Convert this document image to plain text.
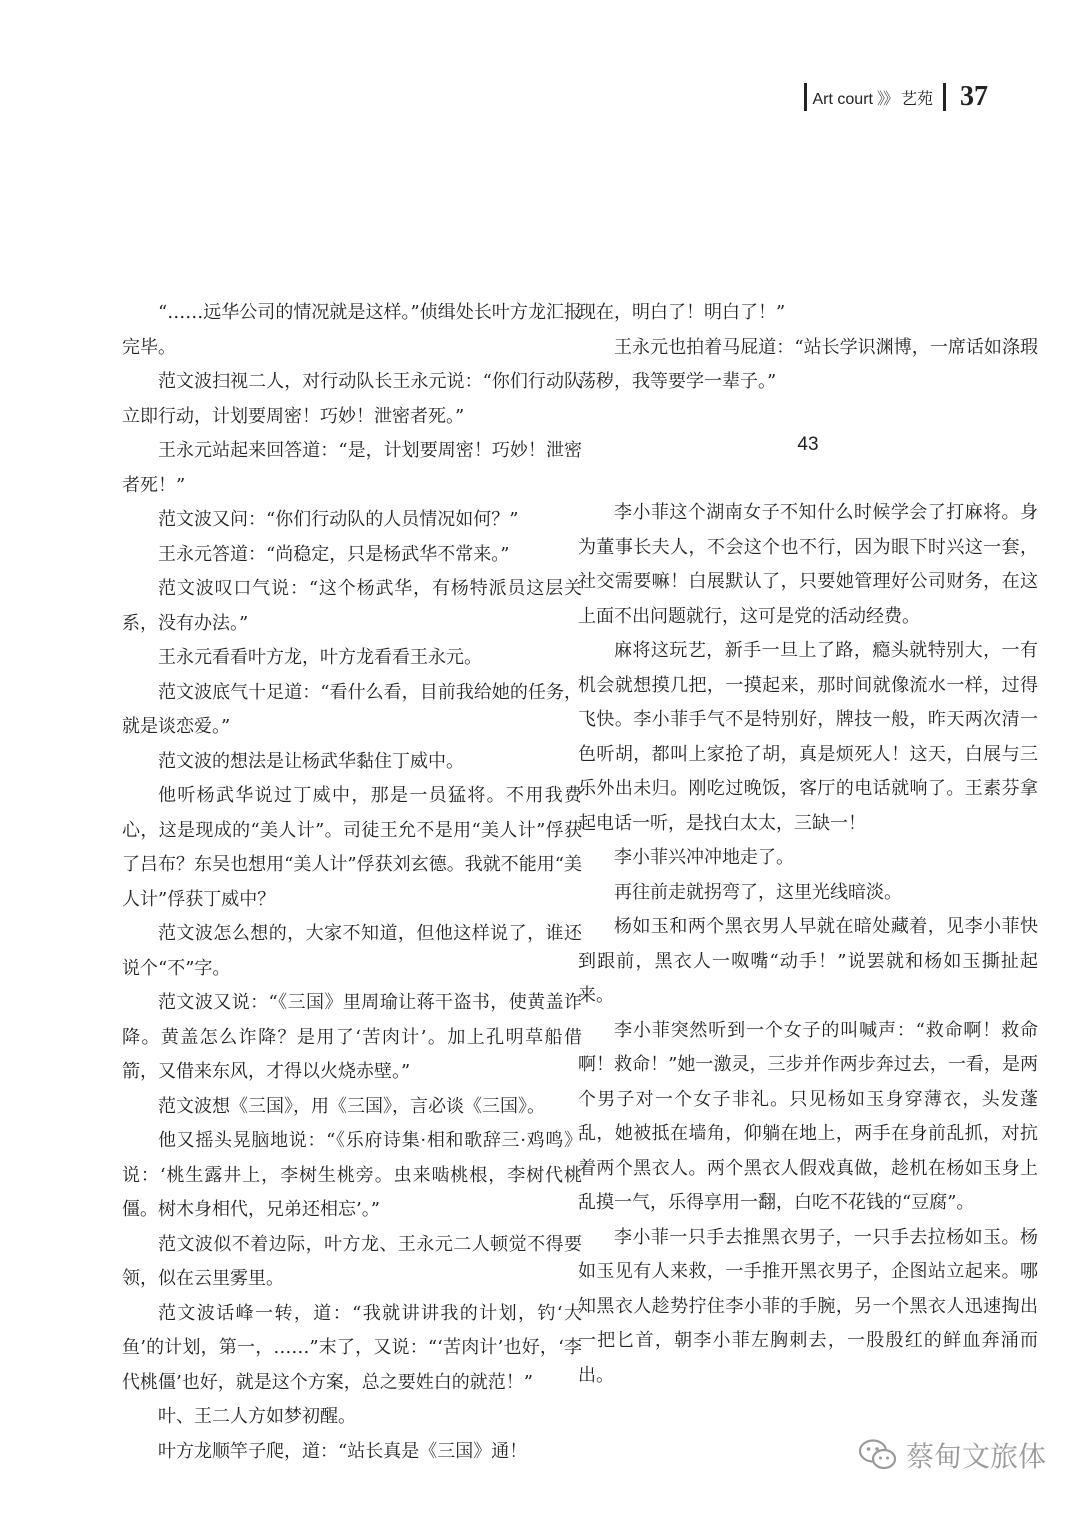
Art court 》》 艺苑 37

“……远华公司的情况就是这样。”侦缉处长叶方龙汇报完毕。

范文波扫视二人，对行动队长王永元说：“你们行动队立即行动，计划要周密！巧妙！泄密者死。”

王永元站起来回答道：“是，计划要周密！巧妙！泄密者死！”

范文波又问：“你们行动队的人员情况如何？”

王永元答道：“尚稳定，只是杨武华不常来。”

范文波叹口气说：“这个杨武华，有杨特派员这层关系，没有办法。”

王永元看看叶方龙，叶方龙看看王永元。

范文波底气十足道：“看什么看，目前我给她的任务，就是谈恋爱。”

范文波的想法是让杨武华黏住丁威中。

他听杨武华说过丁威中，那是一员猛将。不用我费心，这是现成的“美人计”。司徒王允不是用“美人计”俘获了吕布？东吴也想用“美人计”俘获刘玄德。我就不能用“美人计”俘获丁威中？

范文波怎么想的，大家不知道，但他这样说了，谁还说个“不”字。

范文波又说：“《三国》里周瑜让蒋干盗书，使黄盖诈降。黄盖怎么诈降？是用了‘苦肉计’。加上孔明草船借箭，又借来东风，才得以火烧赤壁。”

范文波想《三国》，用《三国》，言必谈《三国》。

他又摇头晃脑地说：“《乐府诗集·相和歌辞三·鸡鸣》说：‘桃生露井上，李树生桃旁。虫来啮桃根，李树代桃僵。树木身相代，兄弟还相忘’。”

范文波似不着边际，叶方龙、王永元二人顿觉不得要领，似在云里雾里。

范文波话峰一转，道：“我就讲讲我的计划，钓‘大鱼’的计划，第一，……”末了，又说：“‘苦肉计’也好，‘李代桃僵’也好，就是这个方案，总之要姓白的就范！”

叶、王二人方如梦初醒。

叶方龙顺竿子爬，道：“站长真是《三国》通！

现在，明白了！明白了！”

王永元也拍着马屁道：“站长学识渊博，一席话如涤瑕荡秽，我等要学一辈子。”

43

李小菲这个湖南女子不知什么时候学会了打麻将。身为董事长夫人，不会这个也不行，因为眼下时兴这一套，社交需要嘛！白展默认了，只要她管理好公司财务，在这上面不出问题就行，这可是党的活动经费。

麻将这玩艺，新手一旦上了路，瘾头就特别大，一有机会就想摸几把，一摸起来，那时间就像流水一样，过得飞快。李小菲手气不是特别好，牌技一般，昨天两次清一色听胡，都叫上家抢了胡，真是烦死人！这天，白展与三乐外出未归。刚吃过晚饭，客厅的电话就响了。王素芬拿起电话一听，是找白太太，三缺一！

李小菲兴冲冲地走了。

再往前走就拐弯了，这里光线暗淡。

杨如玉和两个黑衣男人早就在暗处藏着，见李小菲快到跟前，黑衣人一呶嘴“动手！”说罢就和杨如玉撕扯起来。

李小菲突然听到一个女子的叫喊声：“救命啊！救命啊！救命！”她一激灵，三步并作两步奔过去，一看，是两个男子对一个女子非礼。只见杨如玉身穿薄衣，头发蓬乱，她被抵在墙角，仰躺在地上，两手在身前乱抓，对抗着两个黑衣人。两个黑衣人假戏真做，趁机在杨如玉身上乱摸一气，乐得享用一翻，白吃不花钱的“豆腐”。

李小菲一只手去推黑衣男子，一只手去拉杨如玉。杨如玉见有人来救，一手推开黑衣男子，企图站立起来。哪知黑衣人趁势拧住李小菲的手腕，另一个黑衣人迅速掏出一把匕首，朝李小菲左胸刺去，一股殷红的鲜血奔涌而出。

蔡甸文旅体
